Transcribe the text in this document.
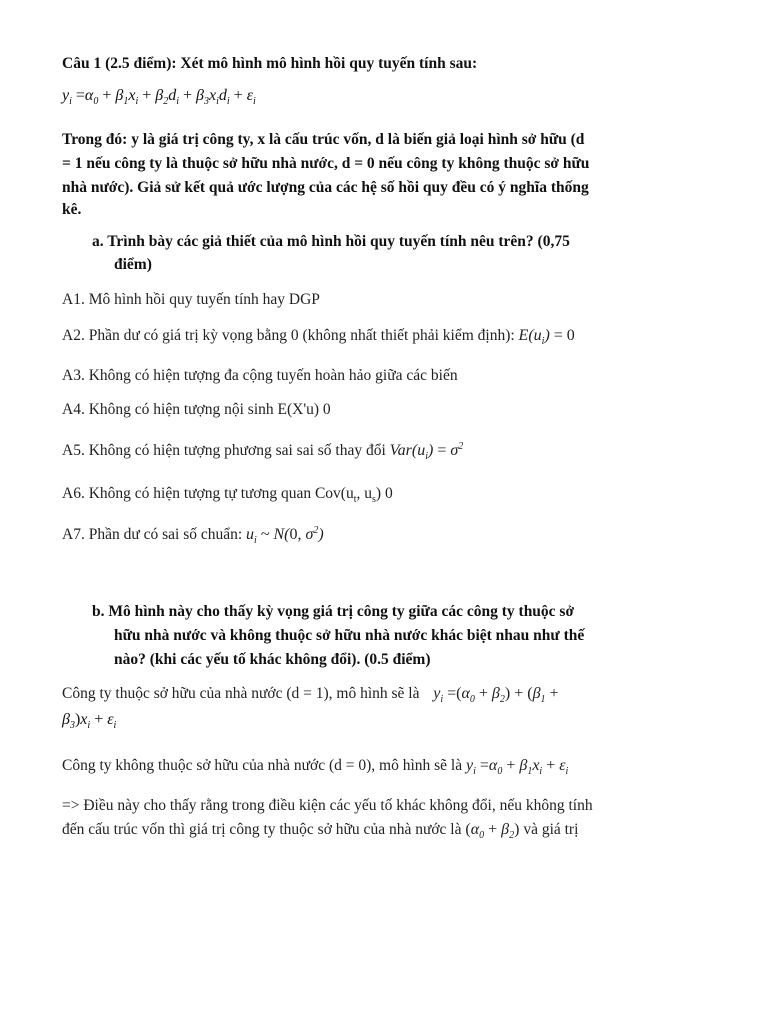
Câu 1 (2.5 điểm): Xét mô hình mô hình hồi quy tuyến tính sau:
$y_i =\alpha_0 + \beta_1x_i + \beta_2d_i + \beta_3x_id_i + \varepsilon_i$
Trong đó: y là giá trị công ty, x là cấu trúc vốn, d là biến giả loại hình sở hữu (d
= 1 nếu công ty là thuộc sở hữu nhà nước, d = 0 nếu công ty không thuộc sở hữu
nhà nước). Giả sử kết quả ước lượng của các hệ số hồi quy đều có ý nghĩa thống
kê.
a. Trình bày các giả thiết của mô hình hồi quy tuyến tính nêu trên? (0,75
điểm)
A1. Mô hình hồi quy tuyến tính hay DGP
A2. Phần dư có giá trị kỳ vọng bằng 0 (không nhất thiết phải kiểm định): $E(u_i) = 0$
A3. Không có hiện tượng đa cộng tuyến hoàn hảo giữa các biến
A4. Không có hiện tượng nội sinh E(X'u) 0
A5. Không có hiện tượng phương sai sai số thay đổi $Var(u_i) = \sigma^2$
A6. Không có hiện tượng tự tương quan $Cov(u_t$, $u_s$) 0
A7. Phần dư có sai số chuẩn: $u_i$ ~ N(0, $\sigma^2$)
b. Mô hình này cho thấy kỳ vọng giá trị công ty giữa các công ty thuộc sở
hữu nhà nước và không thuộc sở hữu nhà nước khác biệt nhau như thế
nào? (khi các yếu tố khác không đổi). (0.5 điểm)
Công ty thuộc sở hữu của nhà nước (d = 1), mô hình sẽ là $y_i =(\alpha_0 + \beta_2) + (\beta_1$ +
$\beta_3)x_i + \varepsilon_i$
Công ty không thuộc sở hữu của nhà nước (d = 0), mô hình sẽ là $y_i =\alpha_0 + \beta_1x_i + \varepsilon_i$
=> Điều này cho thấy rằng trong điều kiện các yếu tố khác không đổi, nếu không tính
đến cấu trúc vốn thì giá trị công ty thuộc sở hữu của nhà nước là $(\alpha_0 + \beta_2)$ và giá trị
